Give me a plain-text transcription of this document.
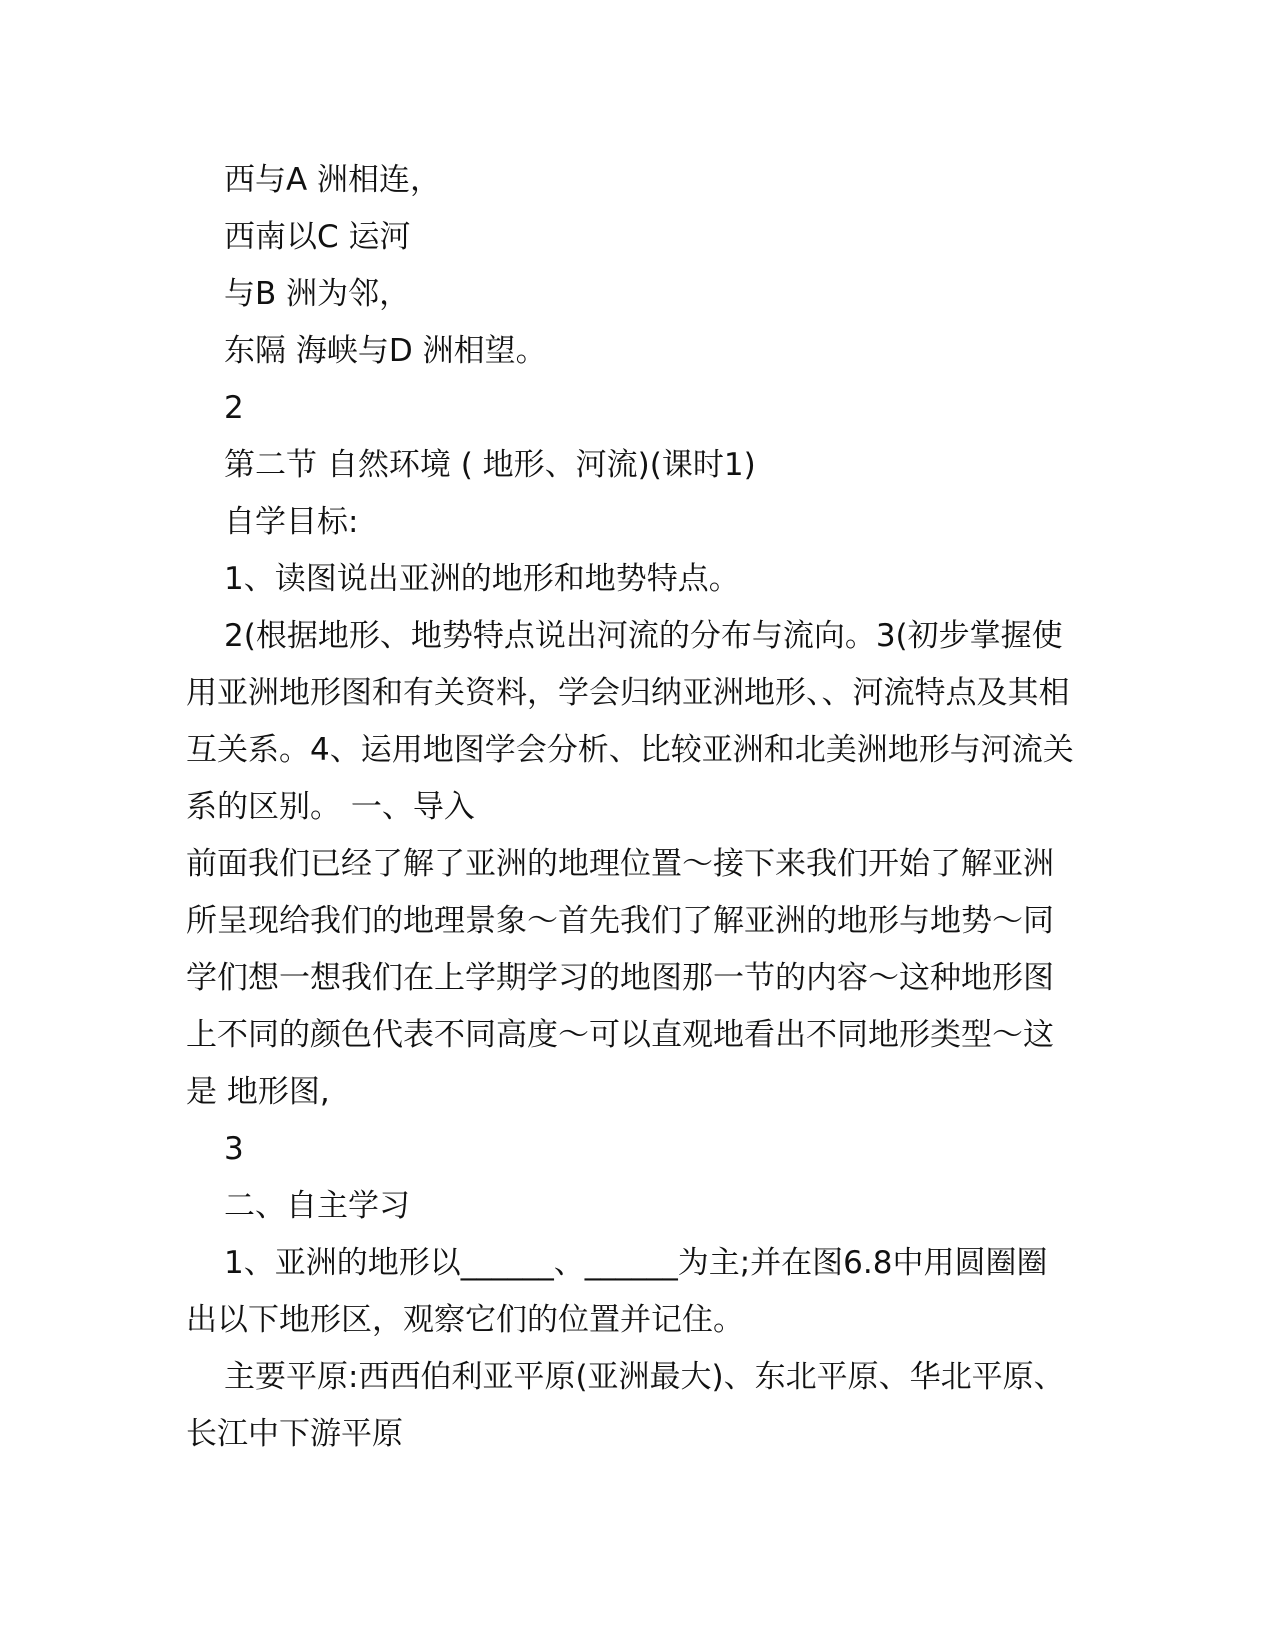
西与A 洲相连，

西南以C 运河

与B 洲为邻，

东隔 海峡与D 洲相望。

2

第二节 自然环境 ( 地形、河流)(课时1)

自学目标:

1、读图说出亚洲的地形和地势特点。

2(根据地形、地势特点说出河流的分布与流向。3(初步掌握使用亚洲地形图和有关资料，学会归纳亚洲地形、、河流特点及其相互关系。4、运用地图学会分析、比较亚洲和北美洲地形与河流关系的区别。 一、导入

前面我们已经了解了亚洲的地理位置～接下来我们开始了解亚洲所呈现给我们的地理景象～首先我们了解亚洲的地形与地势～同学们想一想我们在上学期学习的地图那一节的内容～这种地形图上不同的颜色代表不同高度～可以直观地看出不同地形类型～这是 地形图,

3

二、自主学习

1、亚洲的地形以______、______为主;并在图6.8中用圆圈圈出以下地形区，观察它们的位置并记住。

主要平原:西西伯利亚平原(亚洲最大)、东北平原、华北平原、长江中下游平原
